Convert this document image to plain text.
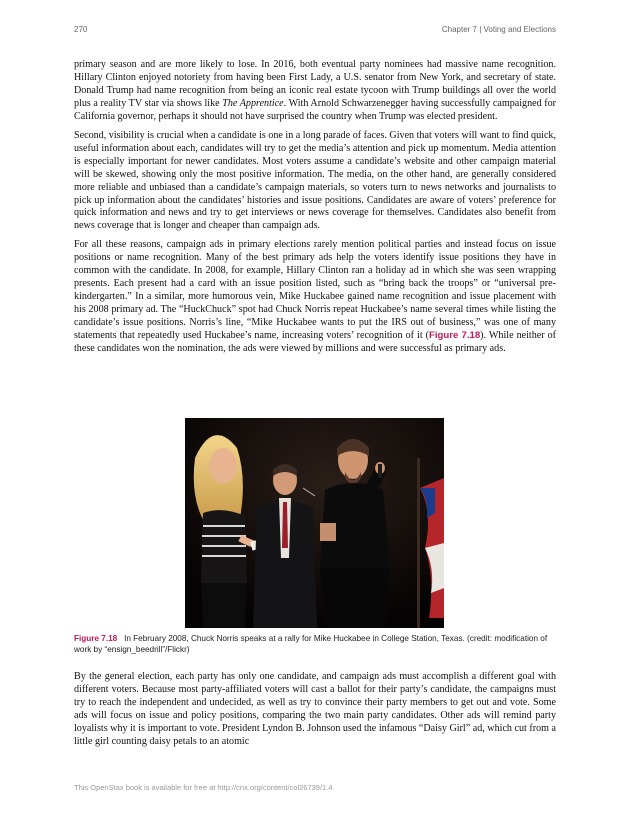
270	Chapter 7 | Voting and Elections

primary season and are more likely to lose. In 2016, both eventual party nominees had massive name recognition. Hillary Clinton enjoyed notoriety from having been First Lady, a U.S. senator from New York, and secretary of state. Donald Trump had name recognition from being an iconic real estate tycoon with Trump buildings all over the world plus a reality TV star via shows like The Apprentice. With Arnold Schwarzenegger having successfully campaigned for California governor, perhaps it should not have surprised the country when Trump was elected president.

Second, visibility is crucial when a candidate is one in a long parade of faces. Given that voters will want to find quick, useful information about each, candidates will try to get the media’s attention and pick up momentum. Media attention is especially important for newer candidates. Most voters assume a candidate’s website and other campaign material will be skewed, showing only the most positive information. The media, on the other hand, are generally considered more reliable and unbiased than a candidate’s campaign materials, so voters turn to news networks and journalists to pick up information about the candidates’ histories and issue positions. Candidates are aware of voters’ preference for quick information and news and try to get interviews or news coverage for themselves. Candidates also benefit from news coverage that is longer and cheaper than campaign ads.

For all these reasons, campaign ads in primary elections rarely mention political parties and instead focus on issue positions or name recognition. Many of the best primary ads help the voters identify issue positions they have in common with the candidate. In 2008, for example, Hillary Clinton ran a holiday ad in which she was seen wrapping presents. Each present had a card with an issue position listed, such as “bring back the troops” or “universal pre-kindergarten.” In a similar, more humorous vein, Mike Huckabee gained name recognition and issue placement with his 2008 primary ad. The “HuckChuck” spot had Chuck Norris repeat Huckabee’s name several times while listing the candidate’s issue positions. Norris’s line, “Mike Huckabee wants to put the IRS out of business,” was one of many statements that repeatedly used Huckabee’s name, increasing voters’ recognition of it (Figure 7.18). While neither of these candidates won the nomination, the ads were viewed by millions and were successful as primary ads.

Figure 7.18 In February 2008, Chuck Norris speaks at a rally for Mike Huckabee in College Station, Texas. (credit: modification of work by “ensign_beedrill”/Flickr)

By the general election, each party has only one candidate, and campaign ads must accomplish a different goal with different voters. Because most party-affiliated voters will cast a ballot for their party’s candidate, the campaigns must try to reach the independent and undecided, as well as try to convince their party members to get out and vote. Some ads will focus on issue and policy positions, comparing the two main party candidates. Other ads will remind party loyalists why it is important to vote. President Lyndon B. Johnson used the infamous “Daisy Girl” ad, which cut from a little girl counting daisy petals to an atomic

This OpenStax book is available for free at http://cnx.org/content/col26739/1.4
